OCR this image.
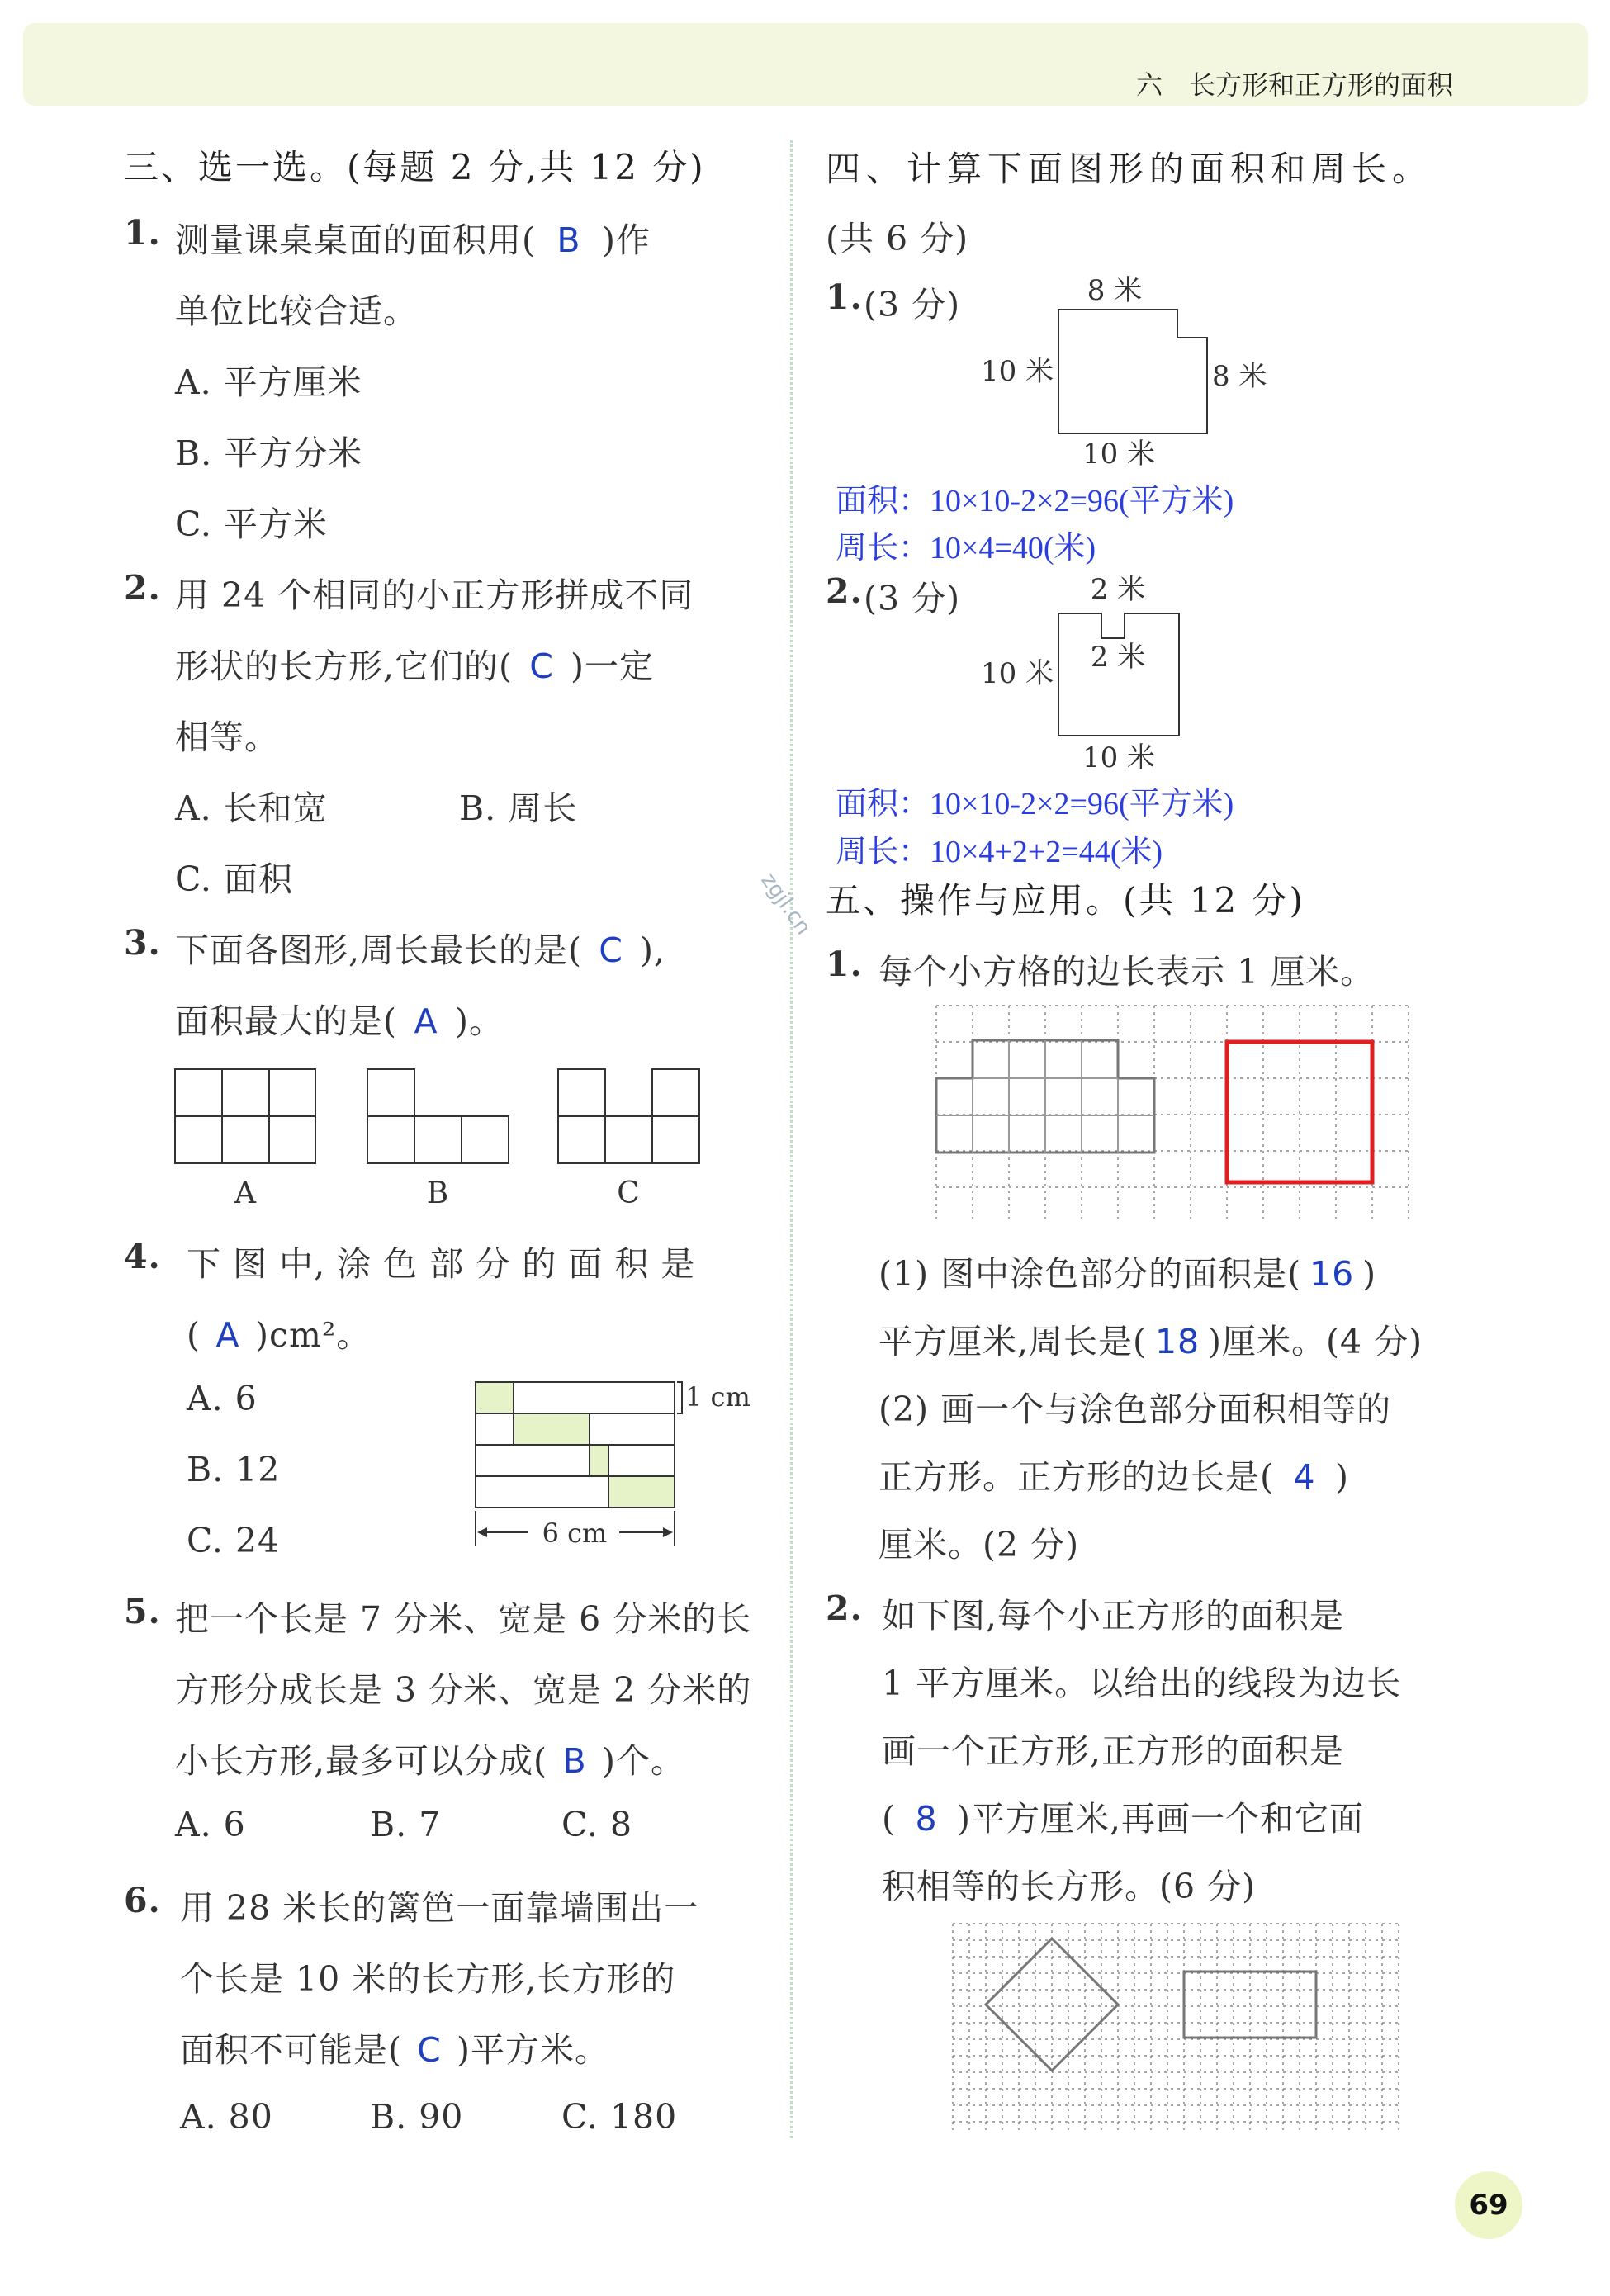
六　长方形和正方形的面积
zgjl.cn
三、选一选。(每题 2 分,共 12 分)
1. 测量课桌桌面的面积用( B )作
单位比较合适。
A. 平方厘米
B. 平方分米
C. 平方米
2. 用 24 个相同的小正方形拼成不同
形状的长方形,它们的( C )一定
相等。
A. 长和宽	B. 周长
C. 面积
3. 下面各图形,周长最长的是( C ),
面积最大的是( A )。
A	B	C
4. 下 图 中, 涂 色 部 分 的 面 积 是
( A )cm²。
A. 6
B. 12
C. 24
1 cm
6 cm
5. 把一个长是 7 分米、宽是 6 分米的长
方形分成长是 3 分米、宽是 2 分米的
小长方形,最多可以分成( B )个。
A. 6	B. 7	C. 8
6. 用 28 米长的篱笆一面靠墙围出一
个长是 10 米的长方形,长方形的
面积不可能是( C )平方米。
A. 80	B. 90	C. 180
四、计算下面图形的面积和周长。
(共 6 分)
1. (3 分)	8 米
10 米	8 米
10 米
面积：10×10-2×2=96(平方米)
周长：10×4=40(米)
2. (3 分)	2 米
10 米 2 米
10 米
面积：10×10-2×2=96(平方米)
周长：10×4+2+2=44(米)
五、操作与应用。(共 12 分)
1. 每个小方格的边长表示 1 厘米。
(1) 图中涂色部分的面积是( 16 )
平方厘米,周长是( 18 )厘米。(4 分)
(2) 画一个与涂色部分面积相等的
正方形。正方形的边长是( 4 )
厘米。(2 分)
2. 如下图,每个小正方形的面积是
1 平方厘米。以给出的线段为边长
画一个正方形,正方形的面积是
( 8 )平方厘米,再画一个和它面
积相等的长方形。(6 分)
69
